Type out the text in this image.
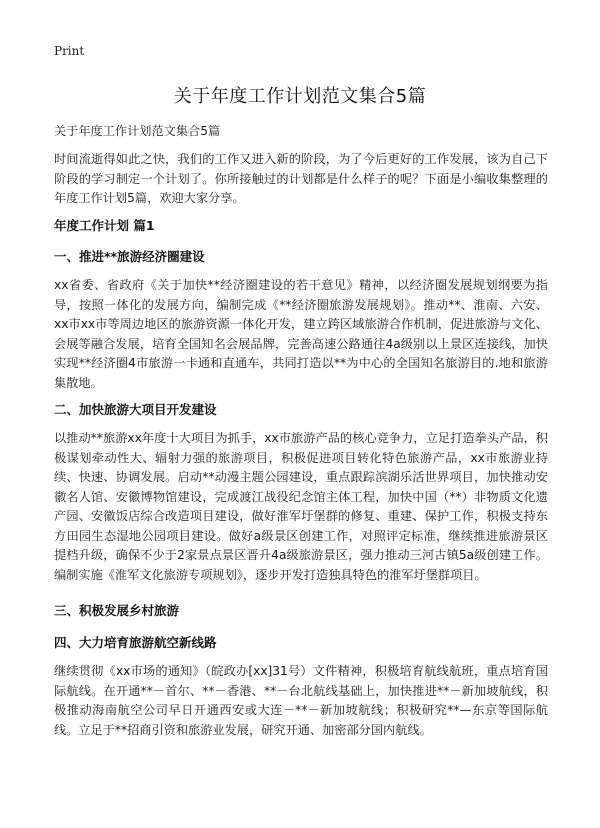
Print
关于年度工作计划范文集合5篇
关于年度工作计划范文集合5篇
时间流逝得如此之快，我们的工作又进入新的阶段，为了今后更好的工作发展，该为自己下阶段的学习制定一个计划了。你所接触过的计划都是什么样子的呢？下面是小编收集整理的年度工作计划5篇，欢迎大家分享。
年度工作计划 篇1
一、推进**旅游经济圈建设
xx省委、省政府《关于加快**经济圈建设的若干意见》精神，以经济圈发展规划纲要为指导，按照一体化的发展方向，编制完成《**经济圈旅游发展规划》。推动**、淮南、六安、xx市xx市等周边地区的旅游资源一体化开发，建立跨区域旅游合作机制，促进旅游与文化、会展等融合发展，培育全国知名会展品牌，完善高速公路通往4a级别以上景区连接线，加快实现**经济圈4市旅游一卡通和直通车，共同打造以**为中心的全国知名旅游目的.地和旅游集散地。
二、加快旅游大项目开发建设
以推动**旅游xx年度十大项目为抓手，xx市旅游产品的核心竞争力，立足打造拳头产品，积极谋划牵动性大、辐射力强的旅游项目，积极促进项目转化特色旅游产品，xx市旅游业持续、快速、协调发展。启动**动漫主题公园建设，重点跟踪滨湖乐活世界项目，加快推动安徽名人馆、安徽博物馆建设，完成渡江战役纪念馆主体工程，加快中国（**）非物质文化遗产园、安徽饭店综合改造项目建设，做好淮军圩堡群的修复、重建、保护工作，积极支持东方田园生态湿地公园项目建设。做好a级景区创建工作，对照评定标准，继续推进旅游景区提档升级，确保不少于2家景点景区晋升4a级旅游景区，强力推动三河古镇5a级创建工作。编制实施《淮军文化旅游专项规划》，逐步开发打造独具特色的淮军圩堡群项目。
三、积极发展乡村旅游
四、大力培育旅游航空新线路
继续贯彻《xx市场的通知》（皖政办[xx]31号）文件精神，积极培育航线航班，重点培育国际航线。在开通**－首尔、**－香港、**－台北航线基础上，加快推进**－新加坡航线，积极推动海南航空公司早日开通西安或大连－**－新加坡航线；积极研究**—东京等国际航线。立足于**招商引资和旅游业发展，研究开通、加密部分国内航线。
